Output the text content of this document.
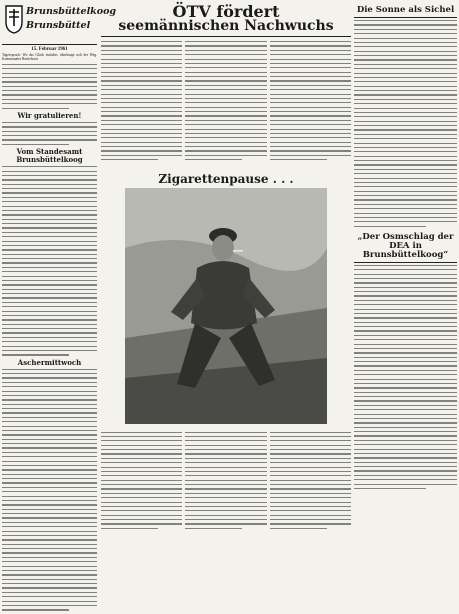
Brunsbüttelkoog
Brunsbüttel
15. Februar 1961

Tagesspruch: Wo das Glück einkehrt, überhaupt sich der Weg. Kommunales Betriebsrat

Wir gratulieren!
Vom Standesamt Brunsbüttelkoog
Aschermittwoch
ÖTV fördert
seemännischen Nachwuchs
Zigarettenpause . . .
Die Sonne als Sichel
„Der Osmschlag der DEA in Brunsbüttelkoog“
